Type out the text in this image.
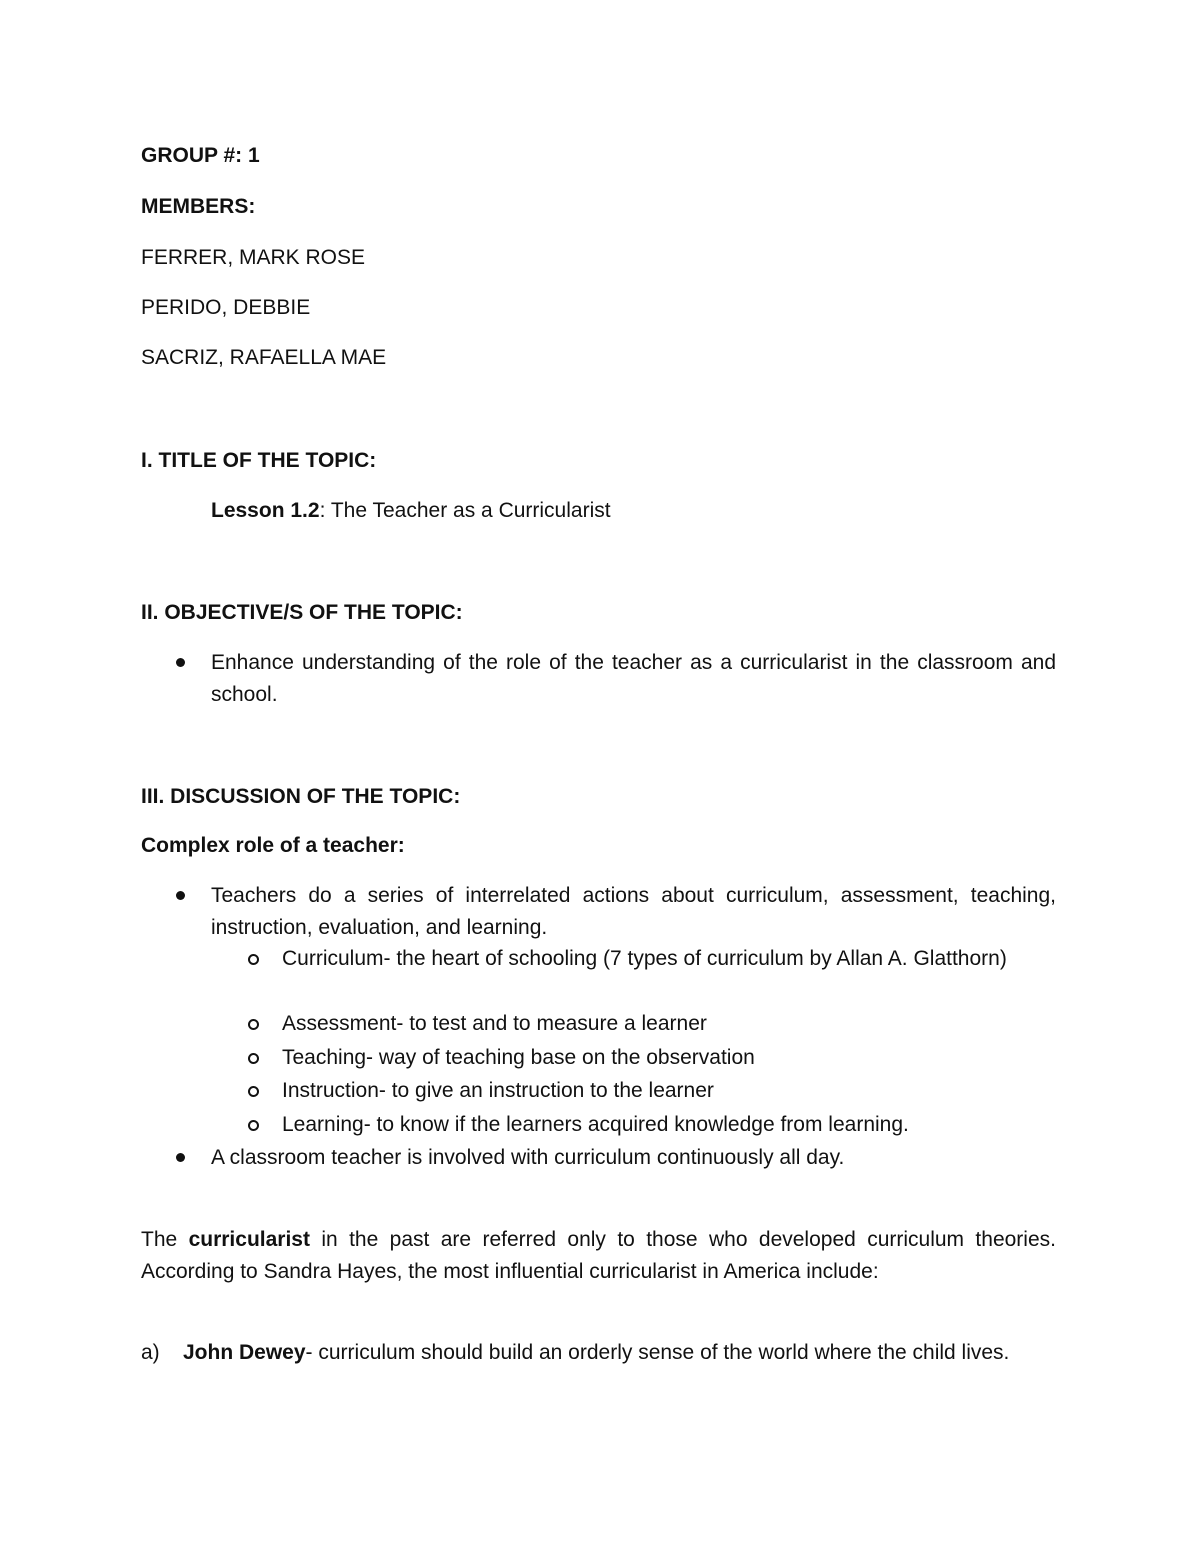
GROUP #: 1
MEMBERS:
FERRER, MARK ROSE
PERIDO, DEBBIE
SACRIZ, RAFAELLA MAE
I. TITLE OF THE TOPIC:
Lesson 1.2: The Teacher as a Curricularist
II. OBJECTIVE/S OF THE TOPIC:
Enhance understanding of the role of the teacher as a curricularist in the classroom and school.
III. DISCUSSION OF THE TOPIC:
Complex role of a teacher:
Teachers do a series of interrelated actions about curriculum, assessment, teaching, instruction, evaluation, and learning.
Curriculum- the heart of schooling (7 types of curriculum by Allan A. Glatthorn)
Assessment- to test and to measure a learner
Teaching- way of teaching base on the observation
Instruction- to give an instruction to the learner
Learning- to know if the learners acquired knowledge from learning.
A classroom teacher is involved with curriculum continuously all day.
The curricularist in the past are referred only to those who developed curriculum theories. According to Sandra Hayes, the most influential curricularist in America include:
a) John Dewey- curriculum should build an orderly sense of the world where the child lives.
